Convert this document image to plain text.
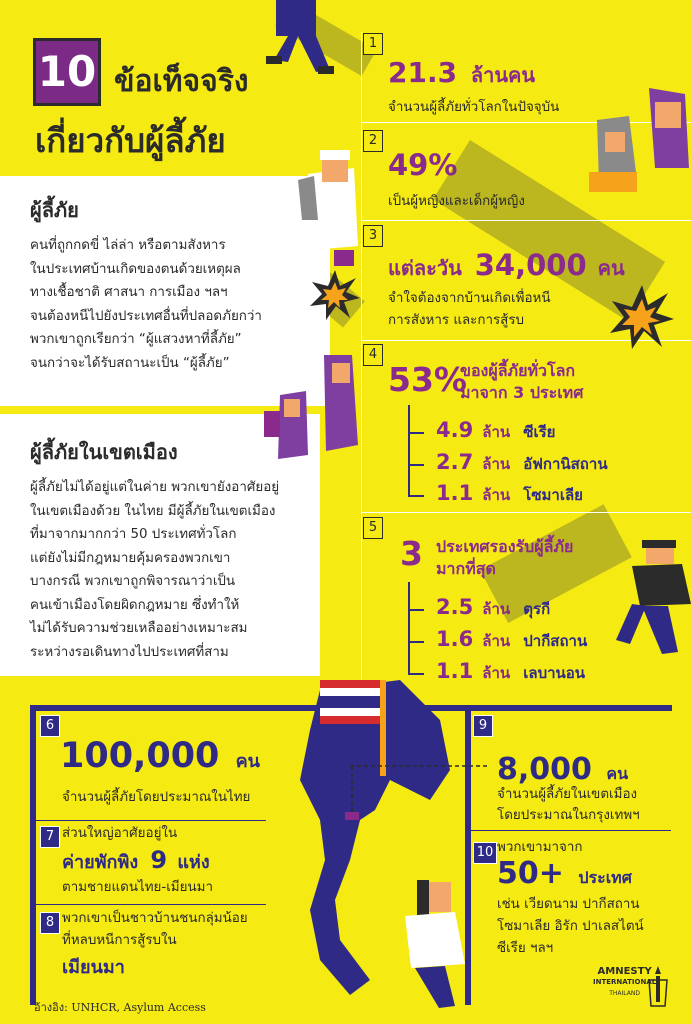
10 ข้อเท็จจริง
เกี่ยวกับผู้ลี้ภัย
ผู้ลี้ภัย
คนที่ถูกกดขี่ ไล่ล่า หรือตามสังหาร
ในประเทศบ้านเกิดของตนด้วยเหตุผล
ทางเชื้อชาติ ศาสนา การเมือง ฯลฯ
จนต้องหนีไปยังประเทศอื่นที่ปลอดภัยกว่า
พวกเขาถูกเรียกว่า “ผู้แสวงหาที่ลี้ภัย”
จนกว่าจะได้รับสถานะเป็น “ผู้ลี้ภัย”
ผู้ลี้ภัยในเขตเมือง
ผู้ลี้ภัยไม่ได้อยู่แต่ในค่าย พวกเขายังอาศัยอยู่
ในเขตเมืองด้วย ในไทย มีผู้ลี้ภัยในเขตเมือง
ที่มาจากมากกว่า 50 ประเทศทั่วโลก
แต่ยังไม่มีกฎหมายคุ้มครองพวกเขา
บางกรณี พวกเขาถูกพิจารณาว่าเป็น
คนเข้าเมืองโดยผิดกฎหมาย ซึ่งทำให้
ไม่ได้รับความช่วยเหลืออย่างเหมาะสม
ระหว่างรอเดินทางไปประเทศที่สาม
1
21.3 ล้านคน
จำนวนผู้ลี้ภัยทั่วโลกในปัจจุบัน
2
49%
เป็นผู้หญิงและเด็กผู้หญิง
3
แต่ละวัน 34,000 คน
จำใจต้องจากบ้านเกิดเพื่อหนี
การสังหาร และการสู้รบ
4
53%
ของผู้ลี้ภัยทั่วโลก
มาจาก 3 ประเทศ
4.9 ล้าน ซีเรีย
2.7 ล้าน อัฟกานิสถาน
1.1 ล้าน โซมาเลีย
5
3 ประเทศรองรับผู้ลี้ภัย
มากที่สุด
2.5 ล้าน ตุรกี
1.6 ล้าน ปากีสถาน
1.1 ล้าน เลบานอน
6
100,000 คน
จำนวนผู้ลี้ภัยโดยประมาณในไทย
7 ส่วนใหญ่อาศัยอยู่ใน
ค่ายพักพิง 9 แห่ง
ตามชายแดนไทย-เมียนมา
8 พวกเขาเป็นชาวบ้านชนกลุ่มน้อย
ที่หลบหนีการสู้รบใน
เมียนมา
9
8,000 คน
จำนวนผู้ลี้ภัยในเขตเมือง
โดยประมาณในกรุงเทพฯ
10 พวกเขามาจาก
50+ ประเทศ
เช่น เวียดนาม ปากีสถาน
โซมาเลีย อิรัก ปาเลสไตน์
ซีเรีย ฯลฯ
อ้างอิง: UNHCR, Asylum Access
AMNESTY
INTERNATIONAL
THAILAND
